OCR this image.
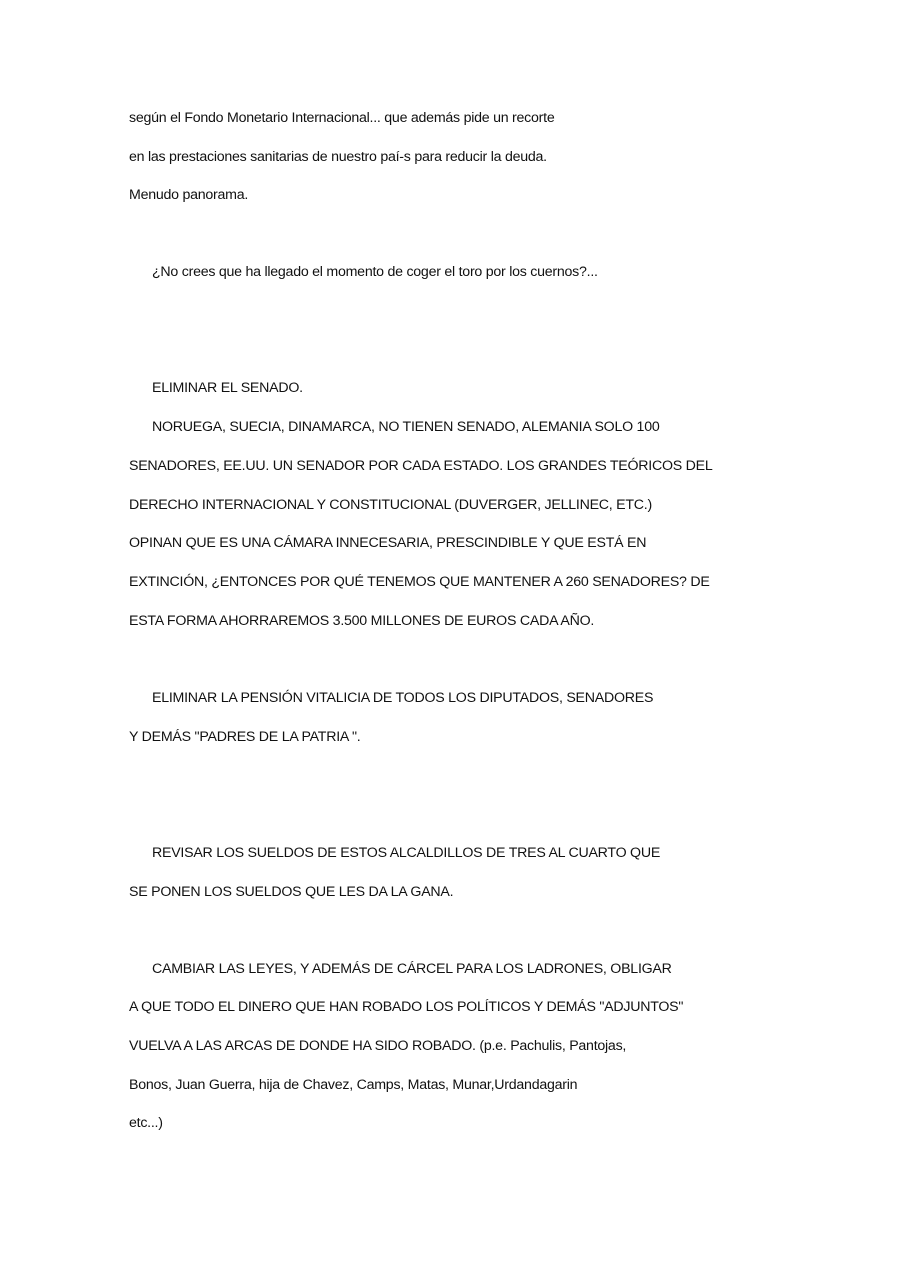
según el Fondo Monetario Internacional... que además pide un recorte
en las prestaciones sanitarias de nuestro paí-s para reducir la deuda.
Menudo panorama.
¿No crees que ha llegado el momento de coger el toro por los cuernos?...
ELIMINAR EL SENADO.
NORUEGA, SUECIA, DINAMARCA, NO TIENEN SENADO, ALEMANIA SOLO 100
SENADORES, EE.UU. UN SENADOR POR CADA ESTADO. LOS GRANDES TEÓRICOS DEL
DERECHO INTERNACIONAL Y CONSTITUCIONAL (DUVERGER, JELLINEC, ETC.)
OPINAN QUE ES UNA CÁMARA INNECESARIA, PRESCINDIBLE Y QUE ESTÁ EN
EXTINCIÓN, ¿ENTONCES POR QUÉ TENEMOS QUE MANTENER A 260 SENADORES? DE
ESTA FORMA AHORRAREMOS 3.500 MILLONES DE EUROS CADA AÑO.
ELIMINAR LA PENSIÓN VITALICIA DE TODOS LOS DIPUTADOS, SENADORES
Y DEMÁS "PADRES DE LA PATRIA ".
REVISAR LOS SUELDOS DE ESTOS ALCALDILLOS DE TRES AL CUARTO QUE
SE PONEN LOS SUELDOS QUE LES DA LA GANA.
CAMBIAR LAS LEYES, Y ADEMÁS DE CÁRCEL PARA LOS LADRONES, OBLIGAR
A QUE TODO EL DINERO QUE HAN ROBADO LOS POLÍTICOS Y DEMÁS "ADJUNTOS"
VUELVA A LAS ARCAS DE DONDE HA SIDO ROBADO. (p.e. Pachulis, Pantojas,
Bonos, Juan Guerra, hija de Chavez, Camps, Matas, Munar,Urdandagarin
etc...)
